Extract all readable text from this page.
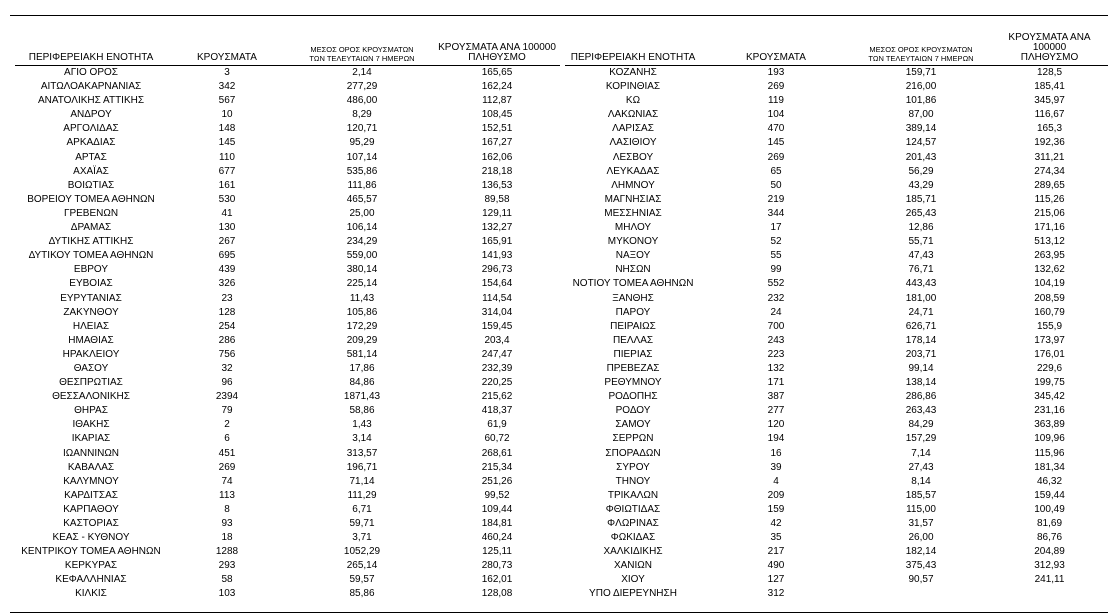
ΠΕΡΙΦΕΡΕΙΑΚΗ ΕΝΟΤΗΤΑ	ΚΡΟΥΣΜΑΤΑ
ΜΕΣΟΣ ΟΡΟΣ ΚΡΟΥΣΜΑΤΩΝ
ΤΩΝ ΤΕΛΕΥΤΑΙΩΝ 7 ΗΜΕΡΩΝ
ΚΡΟΥΣΜΑΤΑ ΑΝΑ 100000
ΠΛΗΘΥΣΜΟ
ΑΓΙΟ ΟΡΟΣ	3	2,14	165,65
ΑΙΤΩΛΟΑΚΑΡΝΑΝΙΑΣ	342	277,29	162,24
ΑΝΑΤΟΛΙΚΗΣ ΑΤΤΙΚΗΣ	567	486,00	112,87
ΑΝΔΡΟΥ	10	8,29	108,45
ΑΡΓΟΛΙΔΑΣ	148	120,71	152,51
ΑΡΚΑΔΙΑΣ	145	95,29	167,27
ΑΡΤΑΣ	110	107,14	162,06
ΑΧΑΪΑΣ	677	535,86	218,18
ΒΟΙΩΤΙΑΣ	161	111,86	136,53
ΒΟΡΕΙΟΥ ΤΟΜΕΑ ΑΘΗΝΩΝ	530	465,57	89,58
ΓΡΕΒΕΝΩΝ	41	25,00	129,11
ΔΡΑΜΑΣ	130	106,14	132,27
ΔΥΤΙΚΗΣ ΑΤΤΙΚΗΣ	267	234,29	165,91
ΔΥΤΙΚΟΥ ΤΟΜΕΑ ΑΘΗΝΩΝ	695	559,00	141,93
ΕΒΡΟΥ	439	380,14	296,73
ΕΥΒΟΙΑΣ	326	225,14	154,64
ΕΥΡΥΤΑΝΙΑΣ	23	11,43	114,54
ΖΑΚΥΝΘΟΥ	128	105,86	314,04
ΗΛΕΙΑΣ	254	172,29	159,45
ΗΜΑΘΙΑΣ	286	209,29	203,4
ΗΡΑΚΛΕΙΟΥ	756	581,14	247,47
ΘΑΣΟΥ	32	17,86	232,39
ΘΕΣΠΡΩΤΙΑΣ	96	84,86	220,25
ΘΕΣΣΑΛΟΝΙΚΗΣ	2394	1871,43	215,62
ΘΗΡΑΣ	79	58,86	418,37
ΙΘΑΚΗΣ	2	1,43	61,9
ΙΚΑΡΙΑΣ	6	3,14	60,72
ΙΩΑΝΝΙΝΩΝ	451	313,57	268,61
ΚΑΒΑΛΑΣ	269	196,71	215,34
ΚΑΛΥΜΝΟΥ	74	71,14	251,26
ΚΑΡΔΙΤΣΑΣ	113	111,29	99,52
ΚΑΡΠΑΘΟΥ	8	6,71	109,44
ΚΑΣΤΟΡΙΑΣ	93	59,71	184,81
ΚΕΑΣ - ΚΥΘΝΟΥ	18	3,71	460,24
ΚΕΝΤΡΙΚΟΥ ΤΟΜΕΑ ΑΘΗΝΩΝ	1288	1052,29	125,11
ΚΕΡΚΥΡΑΣ	293	265,14	280,73
ΚΕΦΑΛΛΗΝΙΑΣ	58	59,57	162,01
ΚΙΛΚΙΣ	103	85,86	128,08
ΠΕΡΙΦΕΡΕΙΑΚΗ ΕΝΟΤΗΤΑ	ΚΡΟΥΣΜΑΤΑ
ΜΕΣΟΣ ΟΡΟΣ ΚΡΟΥΣΜΑΤΩΝ
ΤΩΝ ΤΕΛΕΥΤΑΙΩΝ 7 ΗΜΕΡΩΝ
ΚΡΟΥΣΜΑΤΑ ΑΝΑ 100000
ΠΛΗΘΥΣΜΟ
ΚΟΖΑΝΗΣ	193	159,71	128,5
ΚΟΡΙΝΘΙΑΣ	269	216,00	185,41
ΚΩ	119	101,86	345,97
ΛΑΚΩΝΙΑΣ	104	87,00	116,67
ΛΑΡΙΣΑΣ	470	389,14	165,3
ΛΑΣΙΘΙΟΥ	145	124,57	192,36
ΛΕΣΒΟΥ	269	201,43	311,21
ΛΕΥΚΑΔΑΣ	65	56,29	274,34
ΛΗΜΝΟΥ	50	43,29	289,65
ΜΑΓΝΗΣΙΑΣ	219	185,71	115,26
ΜΕΣΣΗΝΙΑΣ	344	265,43	215,06
ΜΗΛΟΥ	17	12,86	171,16
ΜΥΚΟΝΟΥ	52	55,71	513,12
ΝΑΞΟΥ	55	47,43	263,95
ΝΗΣΩΝ	99	76,71	132,62
ΝΟΤΙΟΥ ΤΟΜΕΑ ΑΘΗΝΩΝ	552	443,43	104,19
ΞΑΝΘΗΣ	232	181,00	208,59
ΠΑΡΟΥ	24	24,71	160,79
ΠΕΙΡΑΙΩΣ	700	626,71	155,9
ΠΕΛΛΑΣ	243	178,14	173,97
ΠΙΕΡΙΑΣ	223	203,71	176,01
ΠΡΕΒΕΖΑΣ	132	99,14	229,6
ΡΕΘΥΜΝΟΥ	171	138,14	199,75
ΡΟΔΟΠΗΣ	387	286,86	345,42
ΡΟΔΟΥ	277	263,43	231,16
ΣΑΜΟΥ	120	84,29	363,89
ΣΕΡΡΩΝ	194	157,29	109,96
ΣΠΟΡΑΔΩΝ	16	7,14	115,96
ΣΥΡΟΥ	39	27,43	181,34
ΤΗΝΟΥ	4	8,14	46,32
ΤΡΙΚΑΛΩΝ	209	185,57	159,44
ΦΘΙΩΤΙΔΑΣ	159	115,00	100,49
ΦΛΩΡΙΝΑΣ	42	31,57	81,69
ΦΩΚΙΔΑΣ	35	26,00	86,76
ΧΑΛΚΙΔΙΚΗΣ	217	182,14	204,89
ΧΑΝΙΩΝ	490	375,43	312,93
ΧΙΟΥ	127	90,57	241,11
ΥΠΟ ΔΙΕΡΕΥΝΗΣΗ	312
